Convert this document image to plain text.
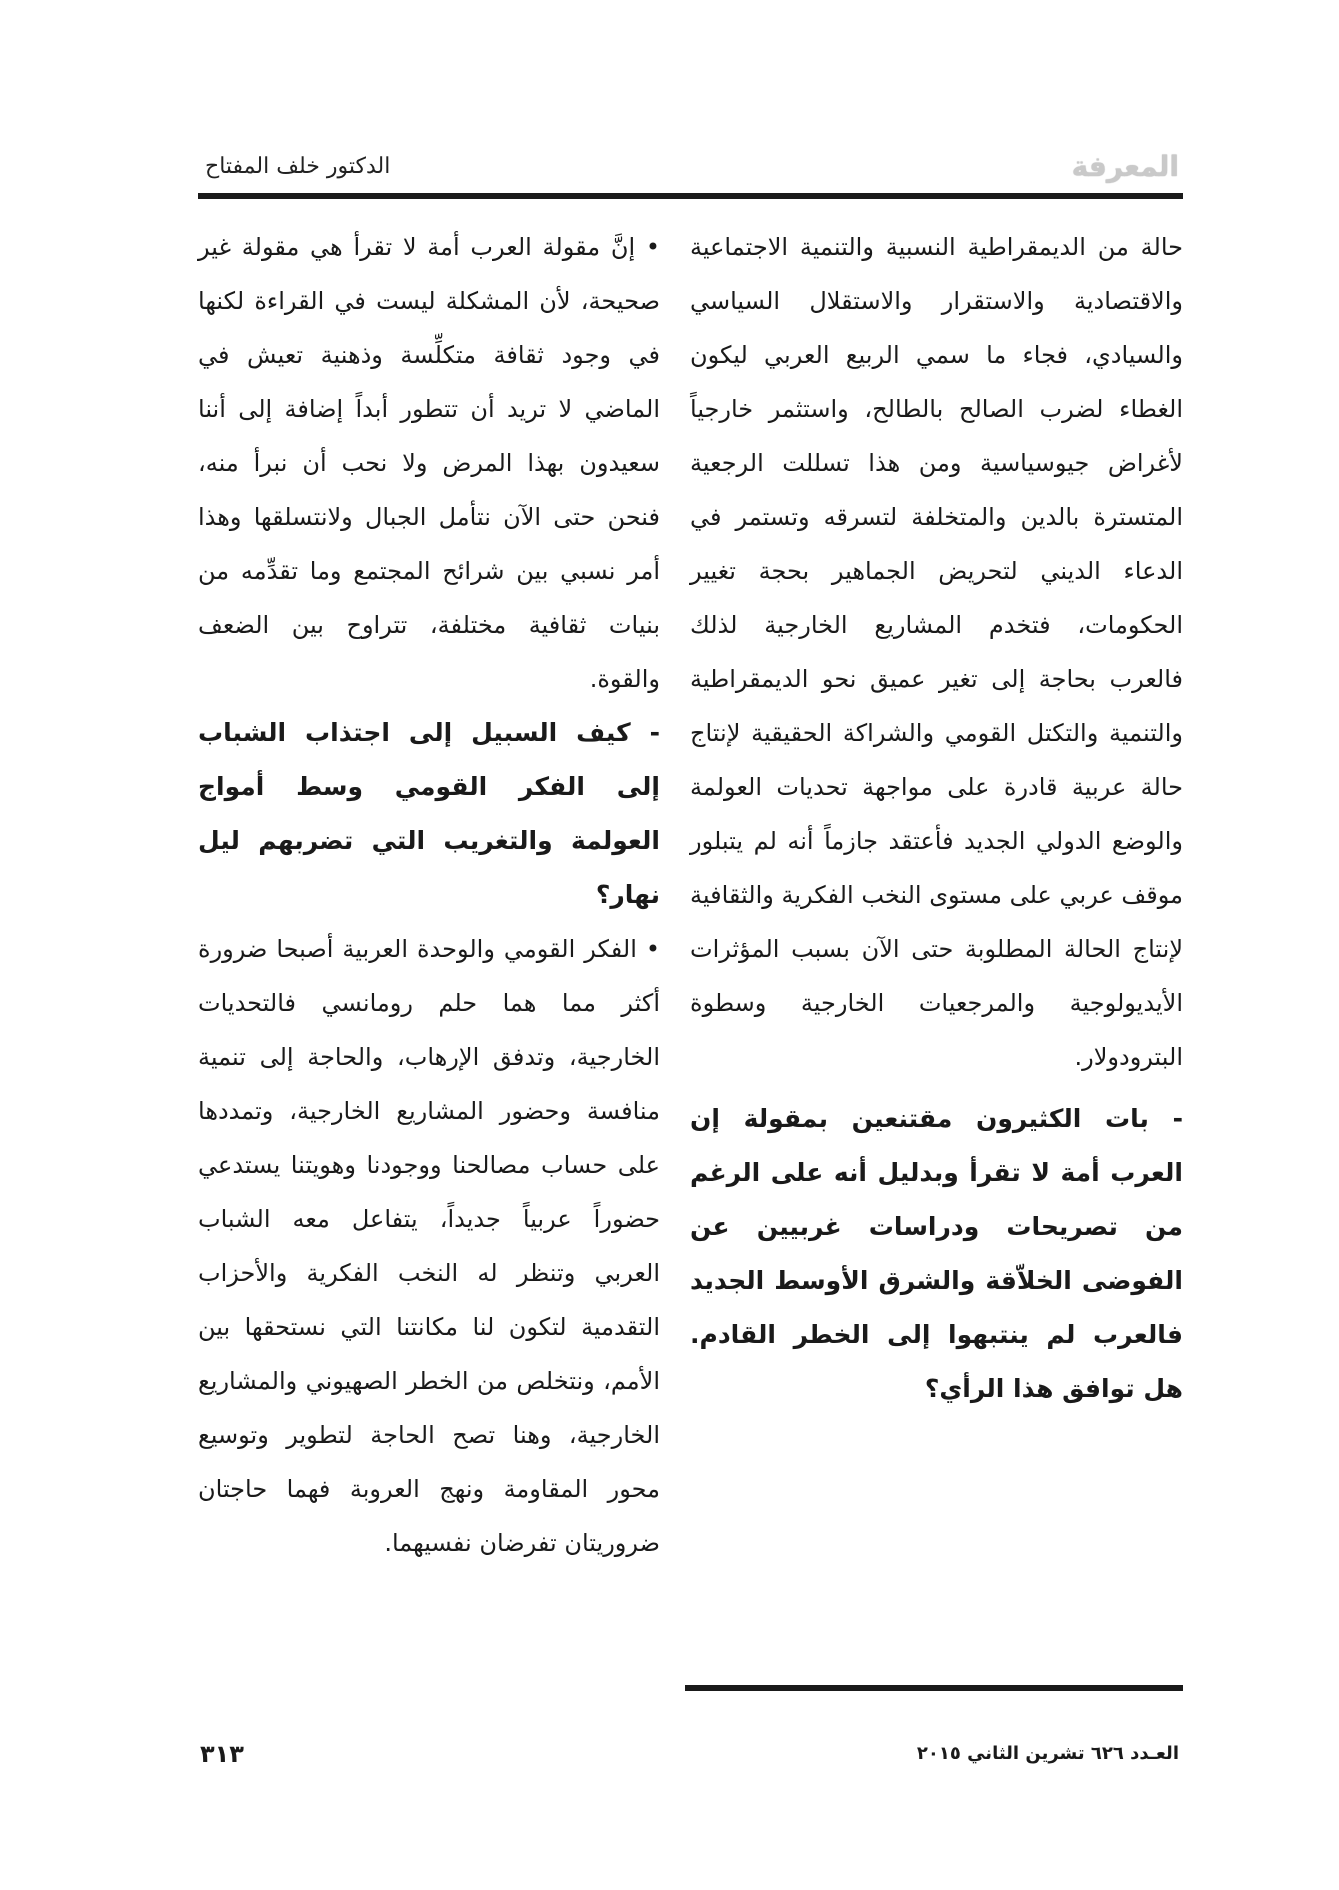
المعرفة
الدكتور خلف المفتاح

حالة من الديمقراطية النسبية والتنمية الاجتماعية والاقتصادية والاستقرار والاستقلال السياسي والسيادي، فجاء ما سمي الربيع العربي ليكون الغطاء لضرب الصالح بالطالح، واستثمر خارجياً لأغراض جيوسياسية ومن هذا تسللت الرجعية المتسترة بالدين والمتخلفة لتسرقه وتستمر في الدعاء الديني لتحريض الجماهير بحجة تغيير الحكومات، فتخدم المشاريع الخارجية لذلك فالعرب بحاجة إلى تغير عميق نحو الديمقراطية والتنمية والتكتل القومي والشراكة الحقيقية لإنتاج حالة عربية قادرة على مواجهة تحديات العولمة والوضع الدولي الجديد فأعتقد جازماً أنه لم يتبلور موقف عربي على مستوى النخب الفكرية والثقافية لإنتاج الحالة المطلوبة حتى الآن بسبب المؤثرات الأيديولوجية والمرجعيات الخارجية وسطوة البترودولار.

- بات الكثيرون مقتنعين بمقولة إن العرب أمة لا تقرأ وبدليل أنه على الرغم من تصريحات ودراسات غربيين عن الفوضى الخلاّقة والشرق الأوسط الجديد فالعرب لم ينتبهوا إلى الخطر القادم. هل توافق هذا الرأي؟

• إنَّ مقولة العرب أمة لا تقرأ هي مقولة غير صحيحة، لأن المشكلة ليست في القراءة لكنها في وجود ثقافة متكلِّسة وذهنية تعيش في الماضي لا تريد أن تتطور أبداً إضافة إلى أننا سعيدون بهذا المرض ولا نحب أن نبرأ منه، فنحن حتى الآن نتأمل الجبال ولانتسلقها وهذا أمر نسبي بين شرائح المجتمع وما تقدِّمه من بنيات ثقافية مختلفة، تتراوح بين الضعف والقوة.

- كيف السبيل إلى اجتذاب الشباب إلى الفكر القومي وسط أمواج العولمة والتغريب التي تضربهم ليل نهار؟

• الفكر القومي والوحدة العربية أصبحا ضرورة أكثر مما هما حلم رومانسي فالتحديات الخارجية، وتدفق الإرهاب، والحاجة إلى تنمية منافسة وحضور المشاريع الخارجية، وتمددها على حساب مصالحنا ووجودنا وهويتنا يستدعي حضوراً عربياً جديداً، يتفاعل معه الشباب العربي وتنظر له النخب الفكرية والأحزاب التقدمية لتكون لنا مكانتنا التي نستحقها بين الأمم، ونتخلص من الخطر الصهيوني والمشاريع الخارجية، وهنا تصح الحاجة لتطوير وتوسيع محور المقاومة ونهج العروبة فهما حاجتان ضروريتان تفرضان نفسيهما.

العـدد ٦٢٦ تشرين الثاني ٢٠١٥
٣١٣
